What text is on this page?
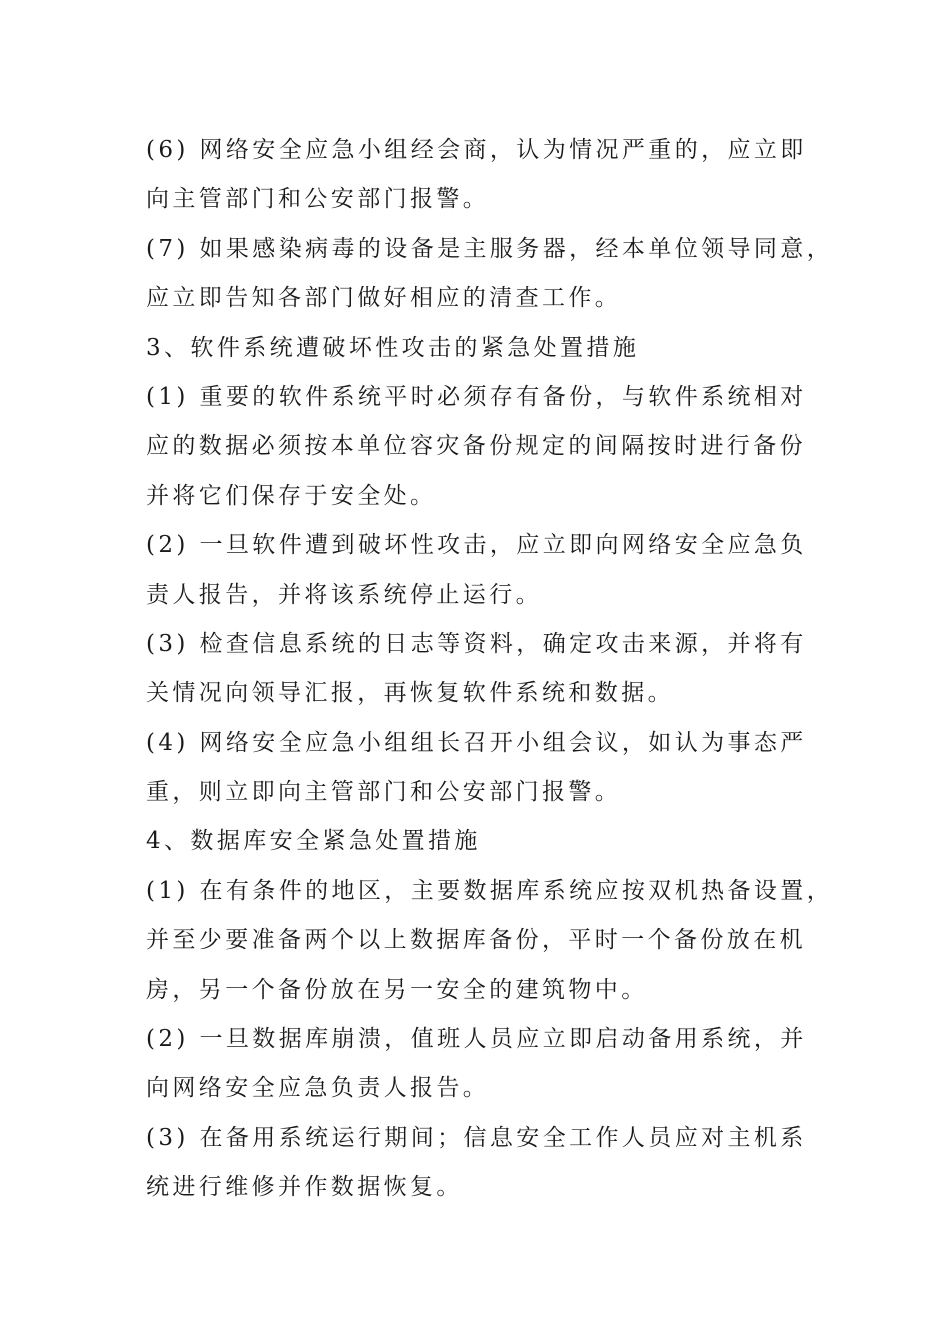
(6) 网络安全应急小组经会商，认为情况严重的，应立即
向主管部门和公安部门报警。
(7) 如果感染病毒的设备是主服务器，经本单位领导同意，
应立即告知各部门做好相应的清查工作。
3、软件系统遭破坏性攻击的紧急处置措施
(1) 重要的软件系统平时必须存有备份，与软件系统相对
应的数据必须按本单位容灾备份规定的间隔按时进行备份
并将它们保存于安全处。
(2) 一旦软件遭到破坏性攻击，应立即向网络安全应急负
责人报告，并将该系统停止运行。
(3) 检查信息系统的日志等资料，确定攻击来源，并将有
关情况向领导汇报，再恢复软件系统和数据。
(4) 网络安全应急小组组长召开小组会议，如认为事态严
重，则立即向主管部门和公安部门报警。
4、数据库安全紧急处置措施
(1) 在有条件的地区，主要数据库系统应按双机热备设置，
并至少要准备两个以上数据库备份，平时一个备份放在机
房，另一个备份放在另一安全的建筑物中。
(2) 一旦数据库崩溃，值班人员应立即启动备用系统，并
向网络安全应急负责人报告。
(3) 在备用系统运行期间；信息安全工作人员应对主机系
统进行维修并作数据恢复。
